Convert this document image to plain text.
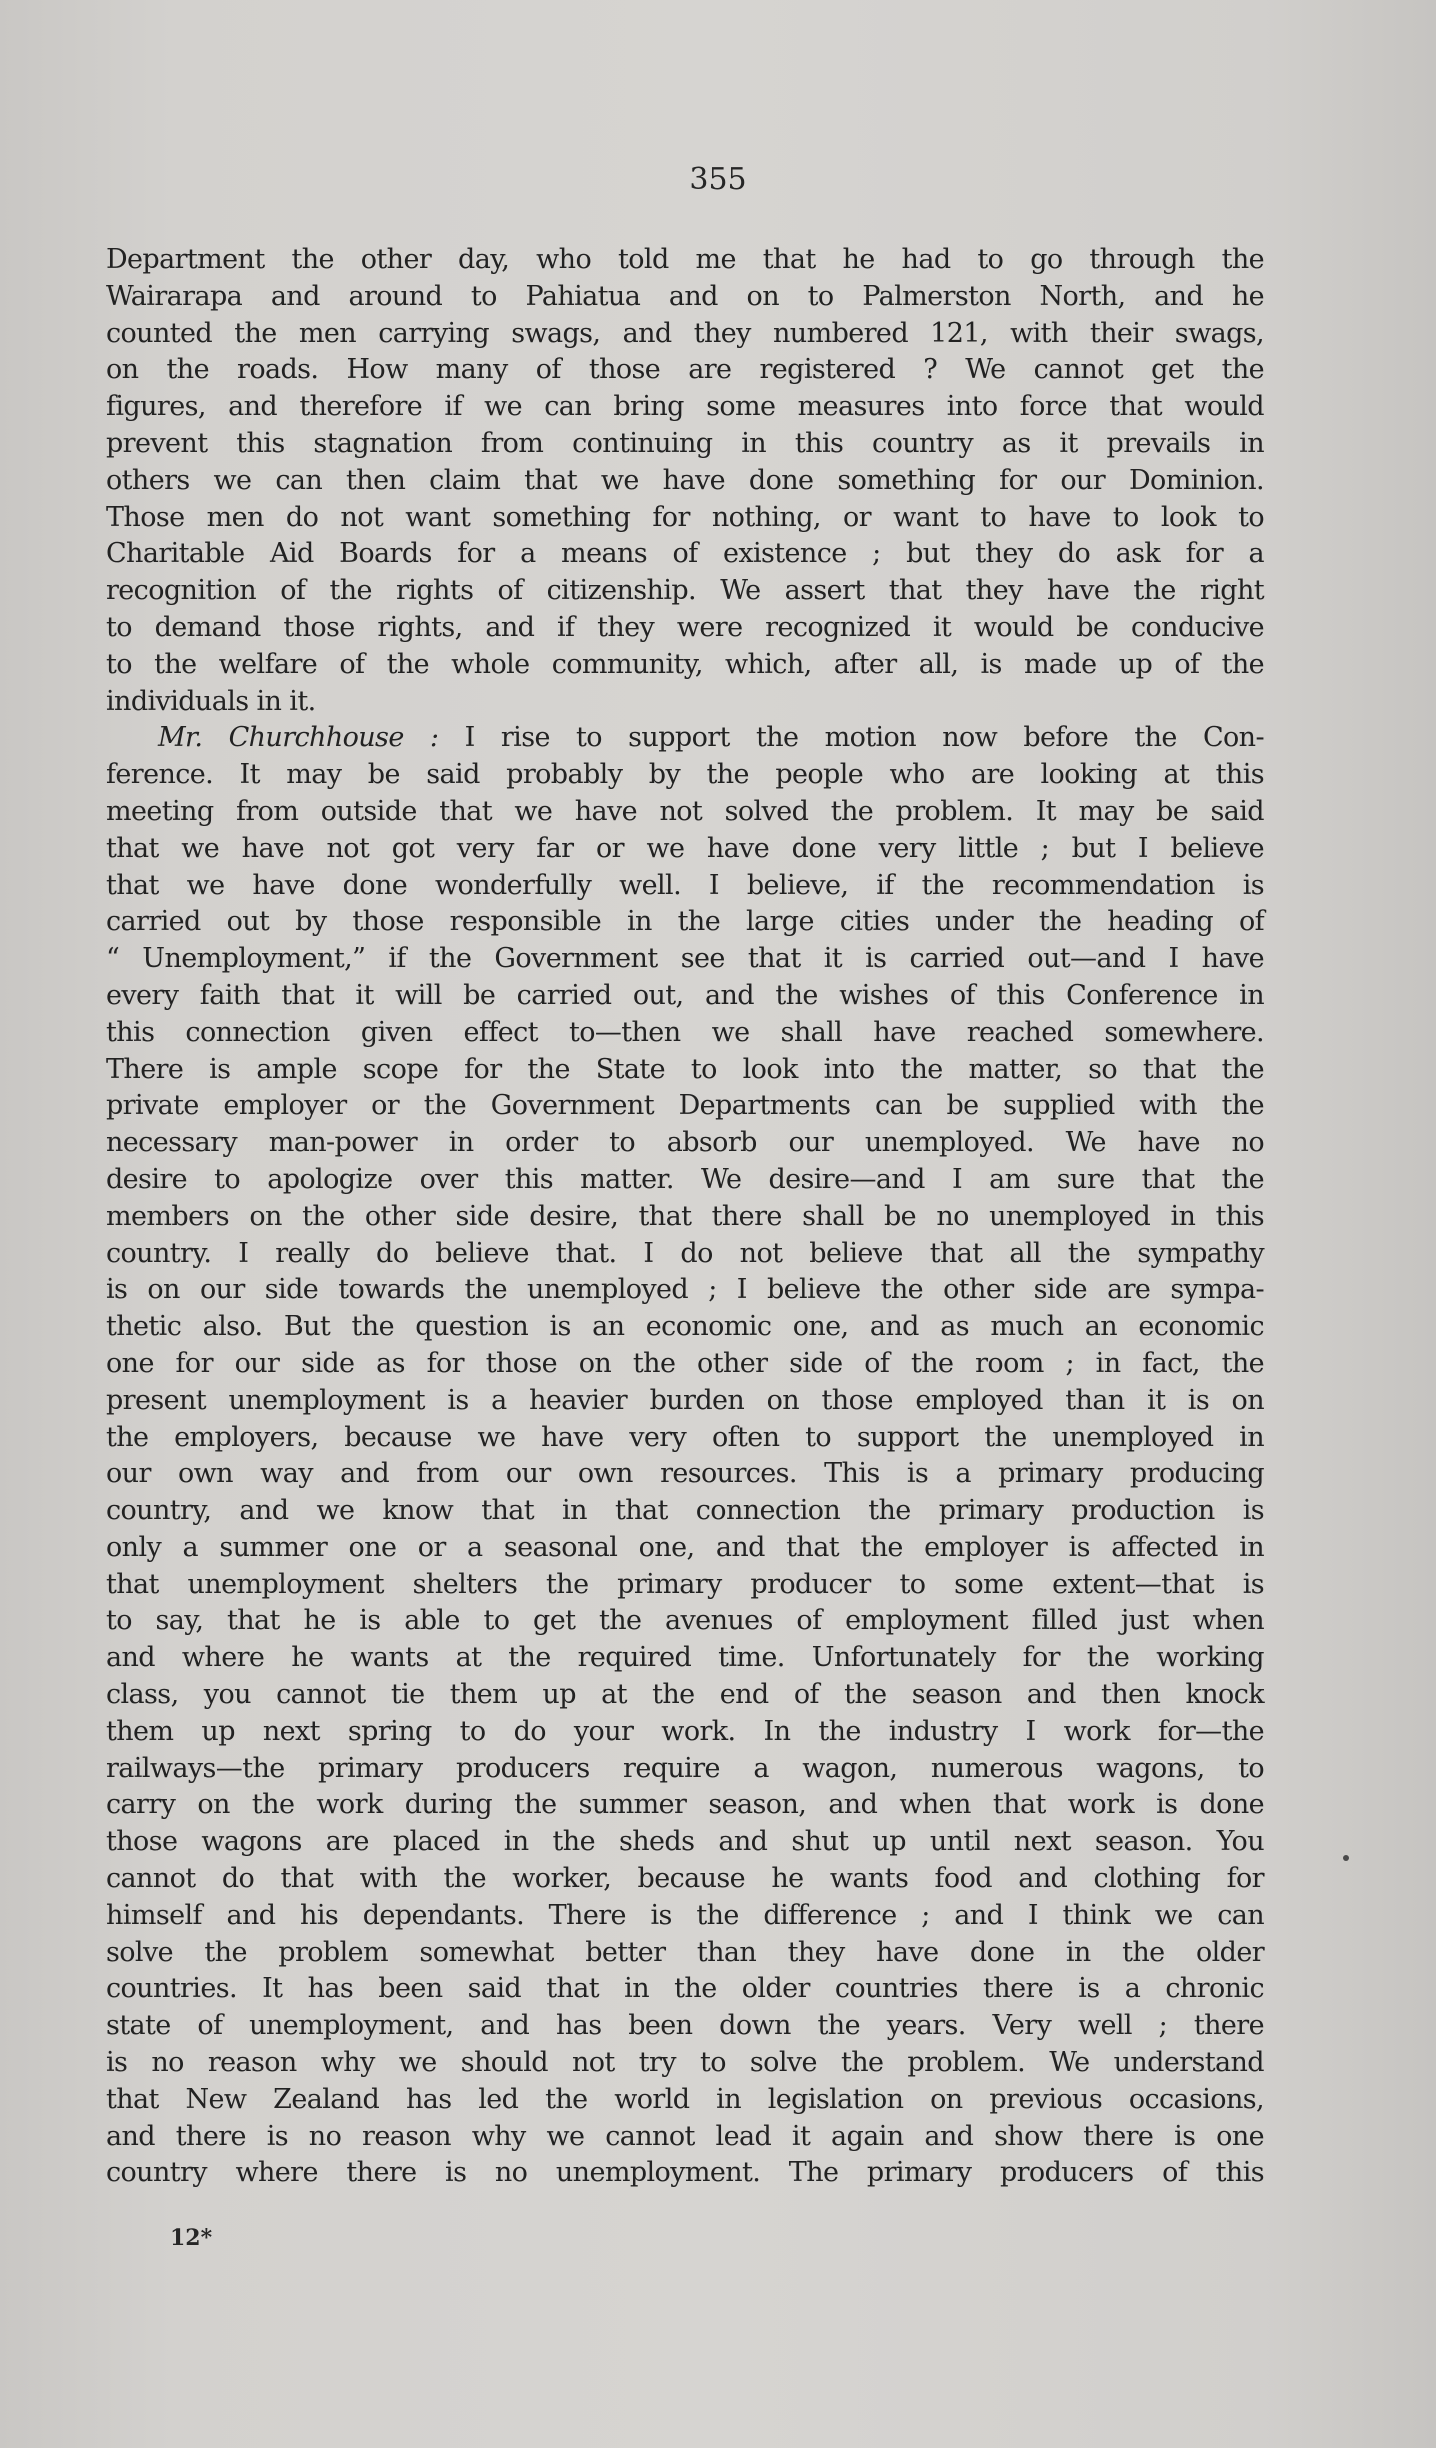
355
Department the other day, who told me that he had to go through the
Wairarapa and around to Pahiatua and on to Palmerston North, and he
counted the men carrying swags, and they numbered 121, with their swags,
on the roads. How many of those are registered ? We cannot get the
figures, and therefore if we can bring some measures into force that would
prevent this stagnation from continuing in this country as it prevails in
others we can then claim that we have done something for our Dominion.
Those men do not want something for nothing, or want to have to look to
Charitable Aid Boards for a means of existence ; but they do ask for a
recognition of the rights of citizenship. We assert that they have the right
to demand those rights, and if they were recognized it would be conducive
to the welfare of the whole community, which, after all, is made up of the
individuals in it.
Mr. Churchhouse : I rise to support the motion now before the Con-
ference. It may be said probably by the people who are looking at this
meeting from outside that we have not solved the problem. It may be said
that we have not got very far or we have done very little ; but I believe
that we have done wonderfully well. I believe, if the recommendation is
carried out by those responsible in the large cities under the heading of
“ Unemployment,” if the Government see that it is carried out—and I have
every faith that it will be carried out, and the wishes of this Conference in
this connection given effect to—then we shall have reached somewhere.
There is ample scope for the State to look into the matter, so that the
private employer or the Government Departments can be supplied with the
necessary man-power in order to absorb our unemployed. We have no
desire to apologize over this matter. We desire—and I am sure that the
members on the other side desire, that there shall be no unemployed in this
country. I really do believe that. I do not believe that all the sympathy
is on our side towards the unemployed ; I believe the other side are sympa-
thetic also. But the question is an economic one, and as much an economic
one for our side as for those on the other side of the room ; in fact, the
present unemployment is a heavier burden on those employed than it is on
the employers, because we have very often to support the unemployed in
our own way and from our own resources. This is a primary producing
country, and we know that in that connection the primary production is
only a summer one or a seasonal one, and that the employer is affected in
that unemployment shelters the primary producer to some extent—that is
to say, that he is able to get the avenues of employment filled just when
and where he wants at the required time. Unfortunately for the working
class, you cannot tie them up at the end of the season and then knock
them up next spring to do your work. In the industry I work for—the
railways—the primary producers require a wagon, numerous wagons, to
carry on the work during the summer season, and when that work is done
those wagons are placed in the sheds and shut up until next season. You
cannot do that with the worker, because he wants food and clothing for
himself and his dependants. There is the difference ; and I think we can
solve the problem somewhat better than they have done in the older
countries. It has been said that in the older countries there is a chronic
state of unemployment, and has been down the years. Very well ; there
is no reason why we should not try to solve the problem. We understand
that New Zealand has led the world in legislation on previous occasions,
and there is no reason why we cannot lead it again and show there is one
country where there is no unemployment. The primary producers of this
12*
